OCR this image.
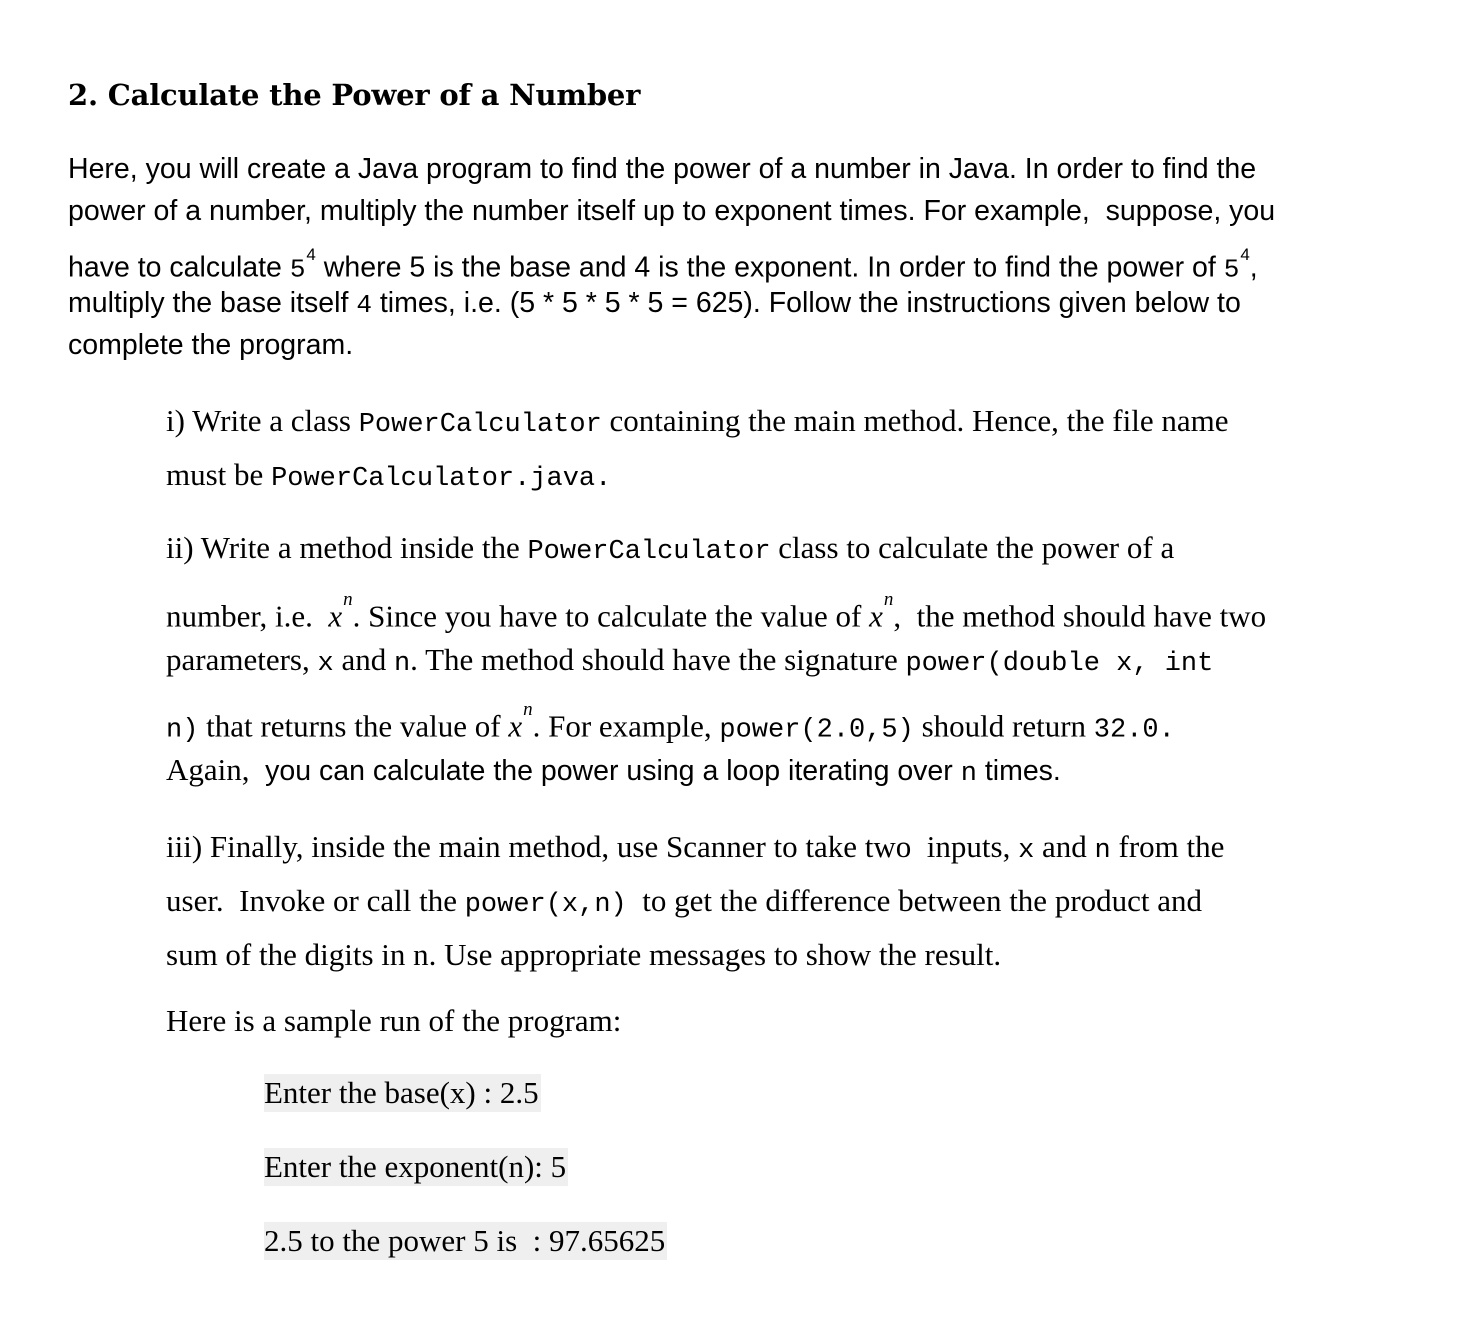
2. Calculate the Power of a Number
Here, you will create a Java program to find the power of a number in Java. In order to find the
power of a number, multiply the number itself up to exponent times. For example,  suppose, you
have to calculate $5^4$ where 5 is the base and 4 is the exponent. In order to find the power of $5^4$,
multiply the base itself 4 times, i.e. (5 * 5 * 5 * 5 = 625). Follow the instructions given below to
complete the program.
i) Write a class PowerCalculator containing the main method. Hence, the file name
must be PowerCalculator.java.
ii) Write a method inside the PowerCalculator class to calculate the power of a
number, i.e.  $x^n$. Since you have to calculate the value of $x^n$,  the method should have two
parameters, x and n. The method should have the signature power(double x, int
n) that returns the value of $x^n$. For example, power(2.0,5) should return 32.0.
Again,  you can calculate the power using a loop iterating over n times.
iii) Finally, inside the main method, use Scanner to take two  inputs, x and n from the
user.  Invoke or call the power(x,n)  to get the difference between the product and
sum of the digits in n. Use appropriate messages to show the result.
Here is a sample run of the program:
Enter the base(x) : 2.5
Enter the exponent(n): 5
2.5 to the power 5 is  : 97.65625
